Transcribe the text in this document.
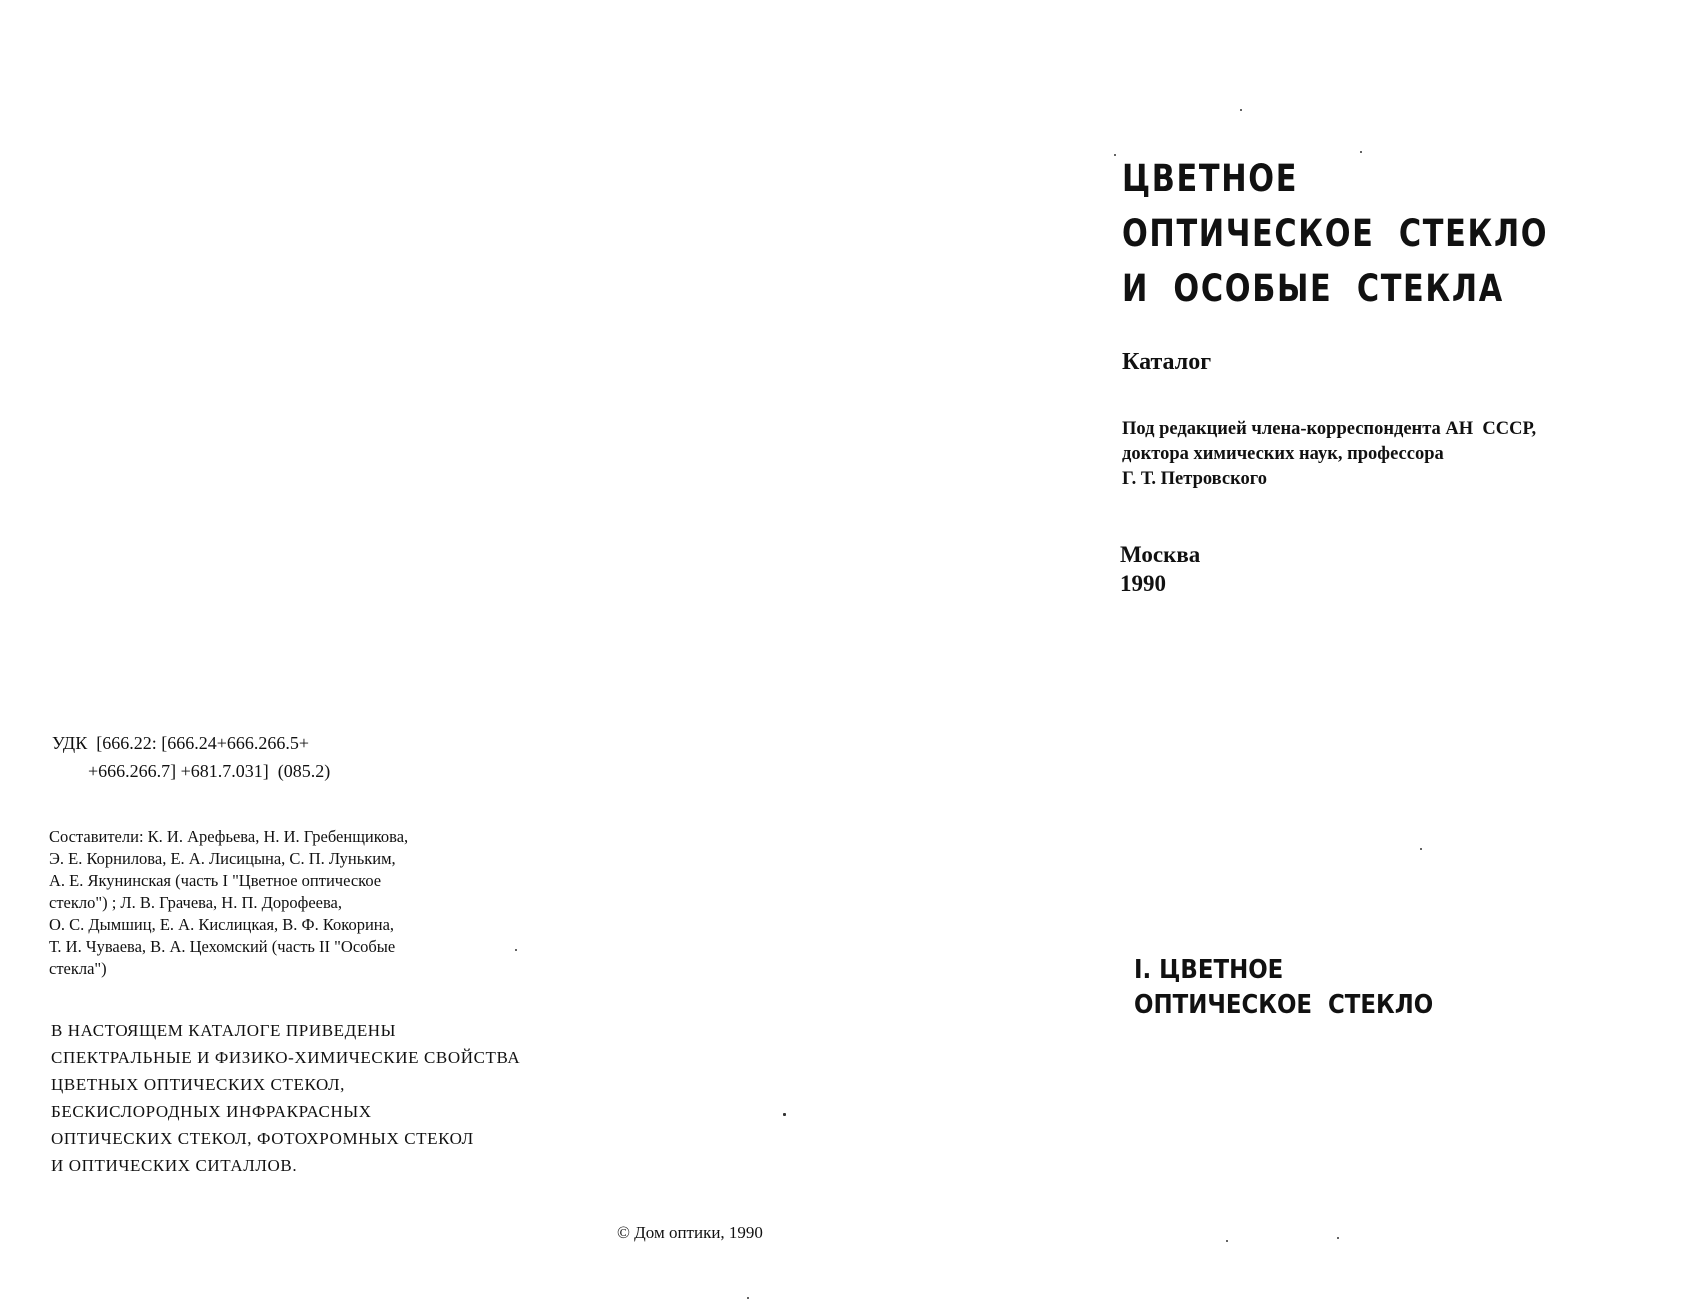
ЦВЕТНОЕ
ОПТИЧЕСКОЕ  СТЕКЛО
И  ОСОБЫЕ  СТЕКЛА
Каталог
Под редакцией члена-корреспондента АН  СССР,
доктора химических наук, профессора
Г. Т. Петровского
Москва
1990
I. ЦВЕТНОЕ
ОПТИЧЕСКОЕ  СТЕКЛО
УДК  [666.22: [666.24+666.266.5+
+666.266.7] +681.7.031]  (085.2)
Составители: К. И. Арефьева, Н. И. Гребенщикова,
Э. Е. Корнилова, Е. А. Лисицына, С. П. Луньким,
А. Е. Якунинская (часть I "Цветное оптическое
стекло") ; Л. В. Грачева, Н. П. Дорофеева,
О. С. Дымшиц, Е. А. Кислицкая, В. Ф. Кокорина,
Т. И. Чуваева, В. А. Цехомский (часть II "Особые
стекла")
В НАСТОЯЩЕМ КАТАЛОГЕ ПРИВЕДЕНЫ
СПЕКТРАЛЬНЫЕ И ФИЗИКО-ХИМИЧЕСКИЕ СВОЙСТВА
ЦВЕТНЫХ ОПТИЧЕСКИХ СТЕКОЛ,
БЕСКИСЛОРОДНЫХ ИНФРАКРАСНЫХ
ОПТИЧЕСКИХ СТЕКОЛ, ФОТОХРОМНЫХ СТЕКОЛ
И ОПТИЧЕСКИХ СИТАЛЛОВ.
© Дом оптики, 1990
